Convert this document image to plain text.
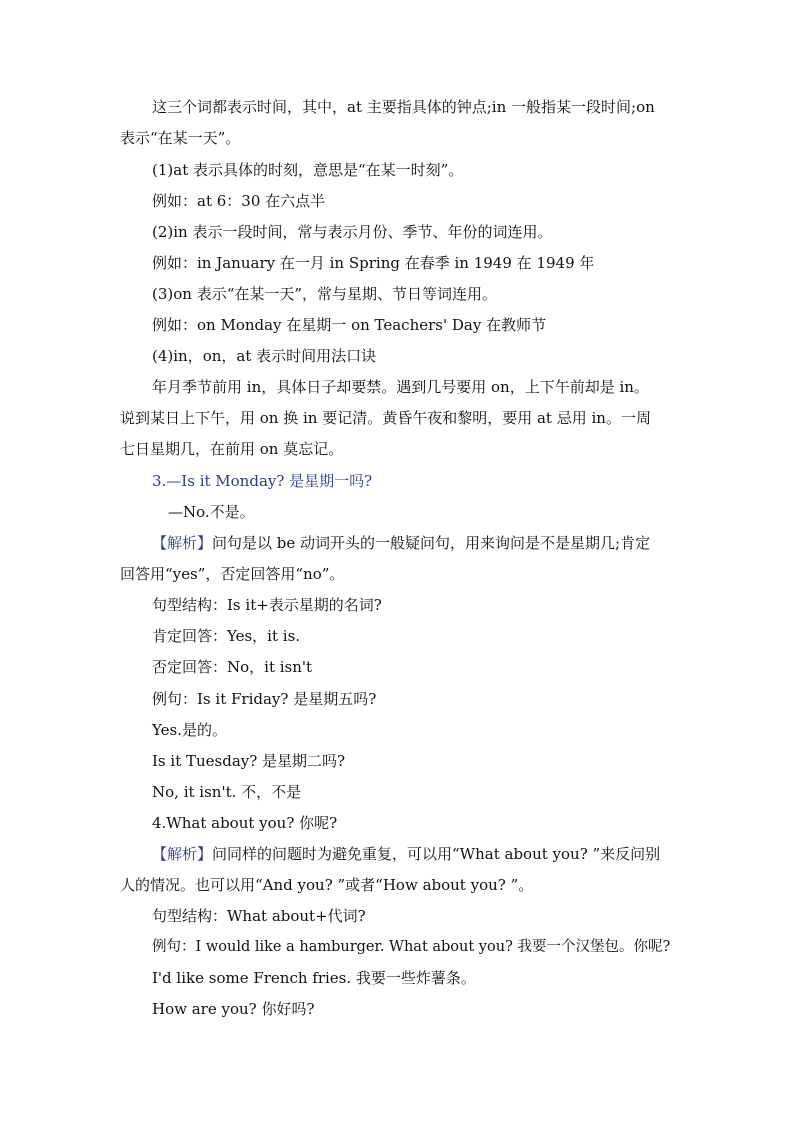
这三个词都表示时间，其中，at 主要指具体的钟点;in 一般指某一段时间;on
表示“在某一天”。
(1)at 表示具体的时刻，意思是“在某一时刻”。
例如：at 6：30 在六点半
(2)in 表示一段时间，常与表示月份、季节、年份的词连用。
例如：in January 在一月 in Spring 在春季 in 1949 在 1949 年
(3)on 表示“在某一天”，常与星期、节日等词连用。
例如：on Monday 在星期一 on Teachers' Day 在教师节
(4)in，on，at 表示时间用法口诀
年月季节前用 in，具体日子却要禁。遇到几号要用 on，上下午前却是 in。
说到某日上下午，用 on 换 in 要记清。黄昏午夜和黎明，要用 at 忌用 in。一周
七日星期几，在前用 on 莫忘记。
3.—Is it Monday? 是星期一吗?
—No.不是。
【解析】问句是以 be 动词开头的一般疑问句，用来询问是不是星期几;肯定
回答用“yes”，否定回答用“no”。
句型结构：Is it+表示星期的名词?
肯定回答：Yes，it is.
否定回答：No，it isn't
例句：Is it Friday? 是星期五吗?
Yes.是的。
Is it Tuesday? 是星期二吗?
No, it isn't. 不，不是
4.What about you? 你呢?
【解析】问同样的问题时为避免重复，可以用“What about you? ”来反问别
人的情况。也可以用“And you? ”或者“How about you? ”。
句型结构：What about+代词?
例句：I would like a hamburger. What about you? 我要一个汉堡包。你呢?
I'd like some French fries. 我要一些炸薯条。
How are you? 你好吗?
